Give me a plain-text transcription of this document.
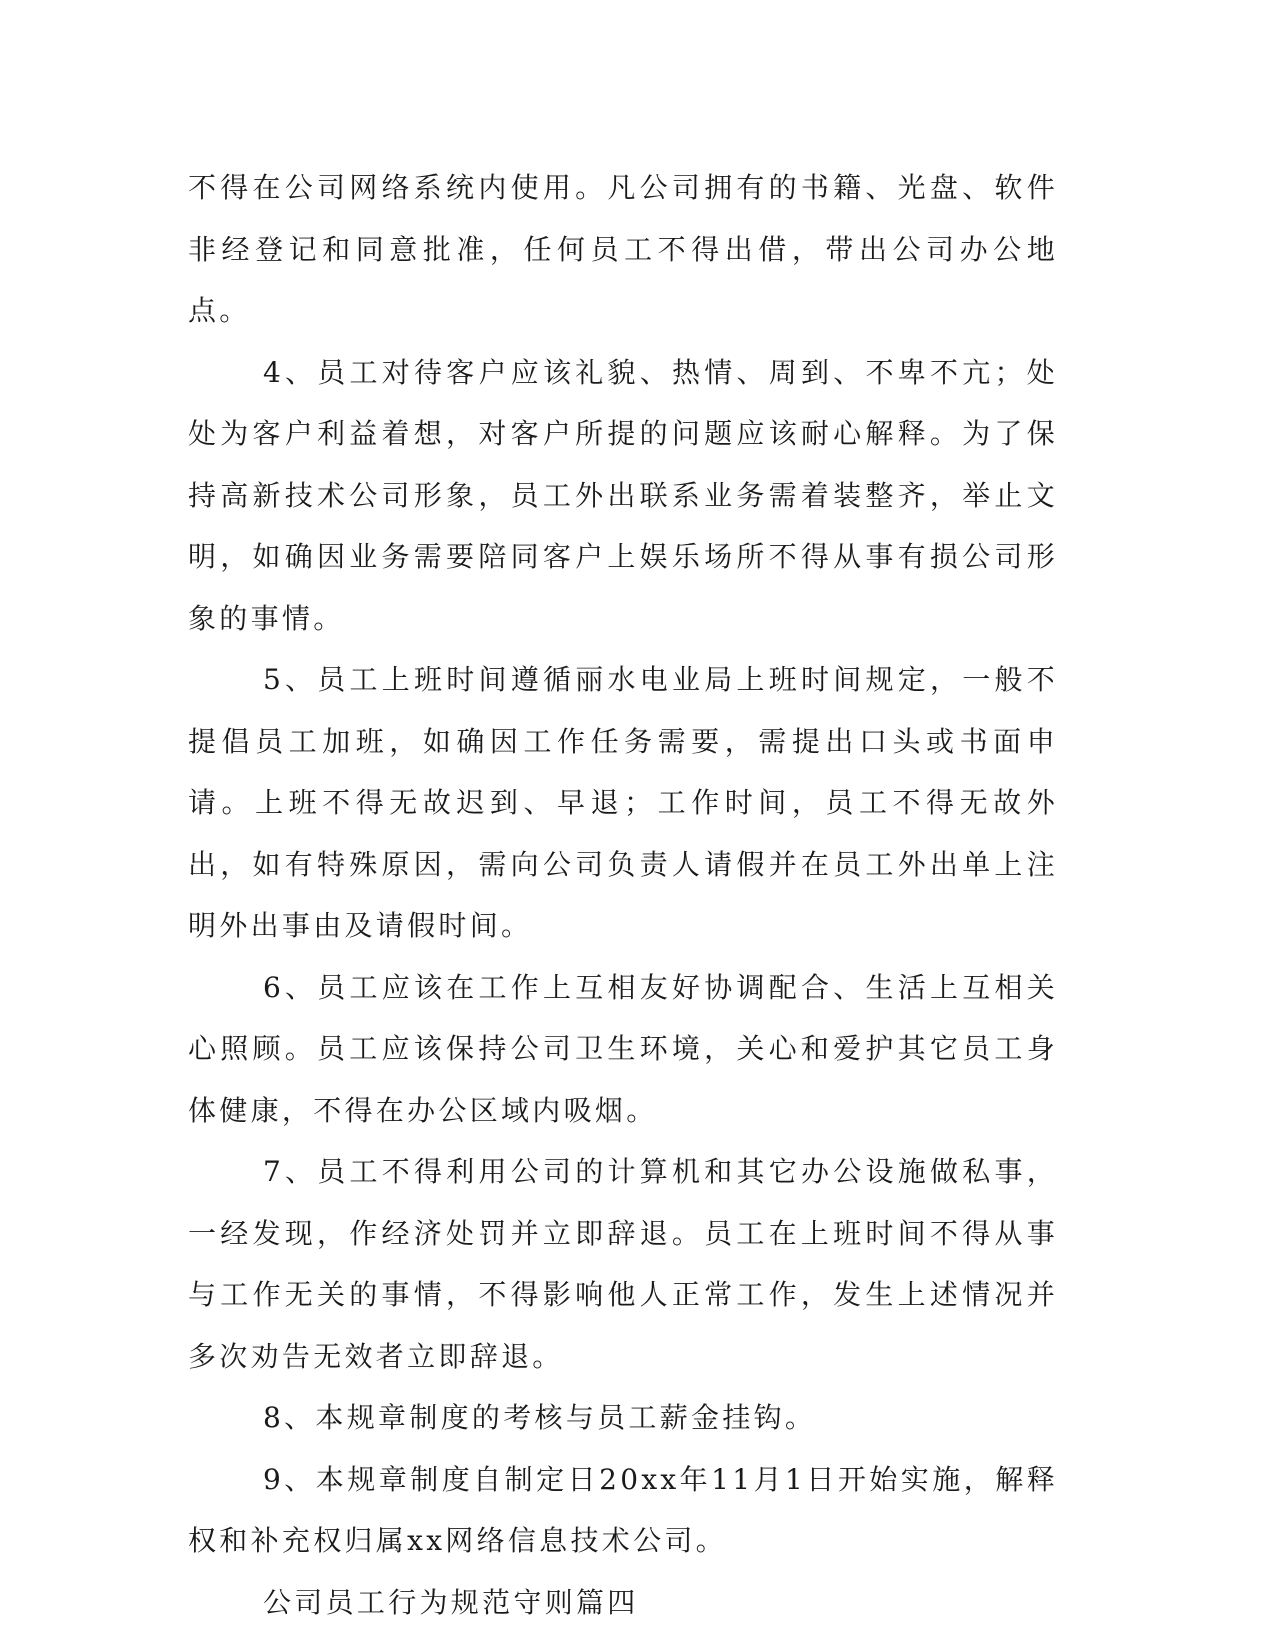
不得在公司网络系统内使用。凡公司拥有的书籍、光盘、软件非经登记和同意批准，任何员工不得出借，带出公司办公地点。

4、员工对待客户应该礼貌、热情、周到、不卑不亢；处处为客户利益着想，对客户所提的问题应该耐心解释。为了保持高新技术公司形象，员工外出联系业务需着装整齐，举止文明，如确因业务需要陪同客户上娱乐场所不得从事有损公司形象的事情。

5、员工上班时间遵循丽水电业局上班时间规定，一般不提倡员工加班，如确因工作任务需要，需提出口头或书面申请。上班不得无故迟到、早退；工作时间，员工不得无故外出，如有特殊原因，需向公司负责人请假并在员工外出单上注明外出事由及请假时间。

6、员工应该在工作上互相友好协调配合、生活上互相关心照顾。员工应该保持公司卫生环境，关心和爱护其它员工身体健康，不得在办公区域内吸烟。

7、员工不得利用公司的计算机和其它办公设施做私事，一经发现，作经济处罚并立即辞退。员工在上班时间不得从事与工作无关的事情，不得影响他人正常工作，发生上述情况并多次劝告无效者立即辞退。

8、本规章制度的考核与员工薪金挂钩。

9、本规章制度自制定日20xx年11月1日开始实施，解释权和补充权归属xx网络信息技术公司。

公司员工行为规范守则篇四
